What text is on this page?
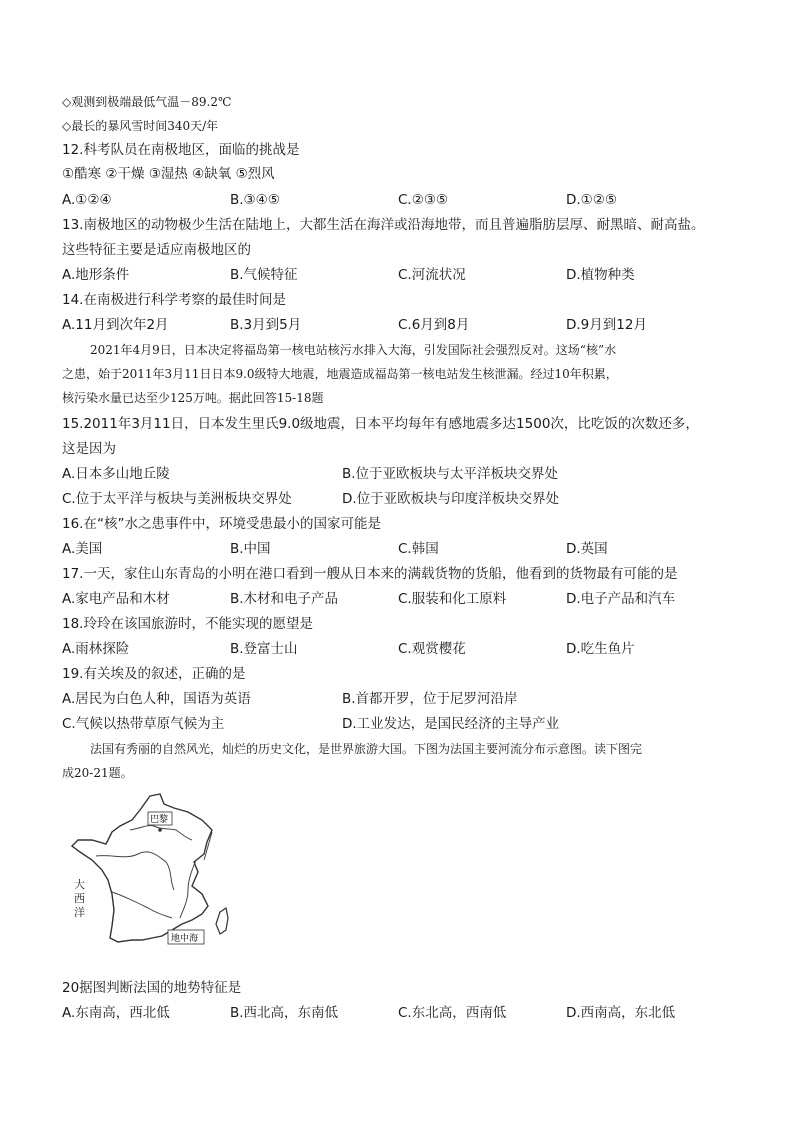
◇观测到极端最低气温－89.2℃
◇最长的暴风雪时间340天/年
12.科考队员在南极地区，面临的挑战是
①酷寒 ②干燥 ③湿热 ④缺氧 ⑤烈风
A.①②④	B.③④⑤	C.②③⑤	D.①②⑤
13.南极地区的动物极少生活在陆地上，大都生活在海洋或沿海地带，而且普遍脂肪层厚、耐黑暗、耐高盐。
这些特征主要是适应南极地区的
A.地形条件	B.气候特征	C.河流状况	D.植物种类
14.在南极进行科学考察的最佳时间是
A.11月到次年2月	B.3月到5月	C.6月到8月	D.9月到12月
2021年4月9日，日本决定将福岛第一核电站核污水排入大海，引发国际社会强烈反对。这场“核”水
之患，始于2011年3月11日日本9.0级特大地震，地震造成福岛第一核电站发生核泄漏。经过10年积累，
核污染水量已达至少125万吨。据此回答15-18题
15.2011年3月11日，日本发生里氏9.0级地震，日本平均每年有感地震多达1500次，比吃饭的次数还多，
这是因为
A.日本多山地丘陵	B.位于亚欧板块与太平洋板块交界处
C.位于太平洋与板块与美洲板块交界处	D.位于亚欧板块与印度洋板块交界处
16.在“核”水之患事件中，环境受患最小的国家可能是
A.美国	B.中国	C.韩国	D.英国
17.一天，家住山东青岛的小明在港口看到一艘从日本来的满载货物的货船，他看到的货物最有可能的是
A.家电产品和木材	B.木材和电子产品	C.服装和化工原料	D.电子产品和汽车
18.玲玲在该国旅游时，不能实现的愿望是
A.雨林探险	B.登富士山	C.观赏樱花	D.吃生鱼片
19.有关埃及的叙述，正确的是
A.居民为白色人种，国语为英语	B.首都开罗，位于尼罗河沿岸
C.气候以热带草原气候为主	D.工业发达，是国民经济的主导产业
法国有秀丽的自然风光，灿烂的历史文化，是世界旅游大国。下图为法国主要河流分布示意图。读下图完
成20-21题。
巴黎
地中海
大西洋
20据图判断法国的地势特征是
A.东南高，西北低	B.西北高，东南低	C.东北高，西南低	D.西南高，东北低
